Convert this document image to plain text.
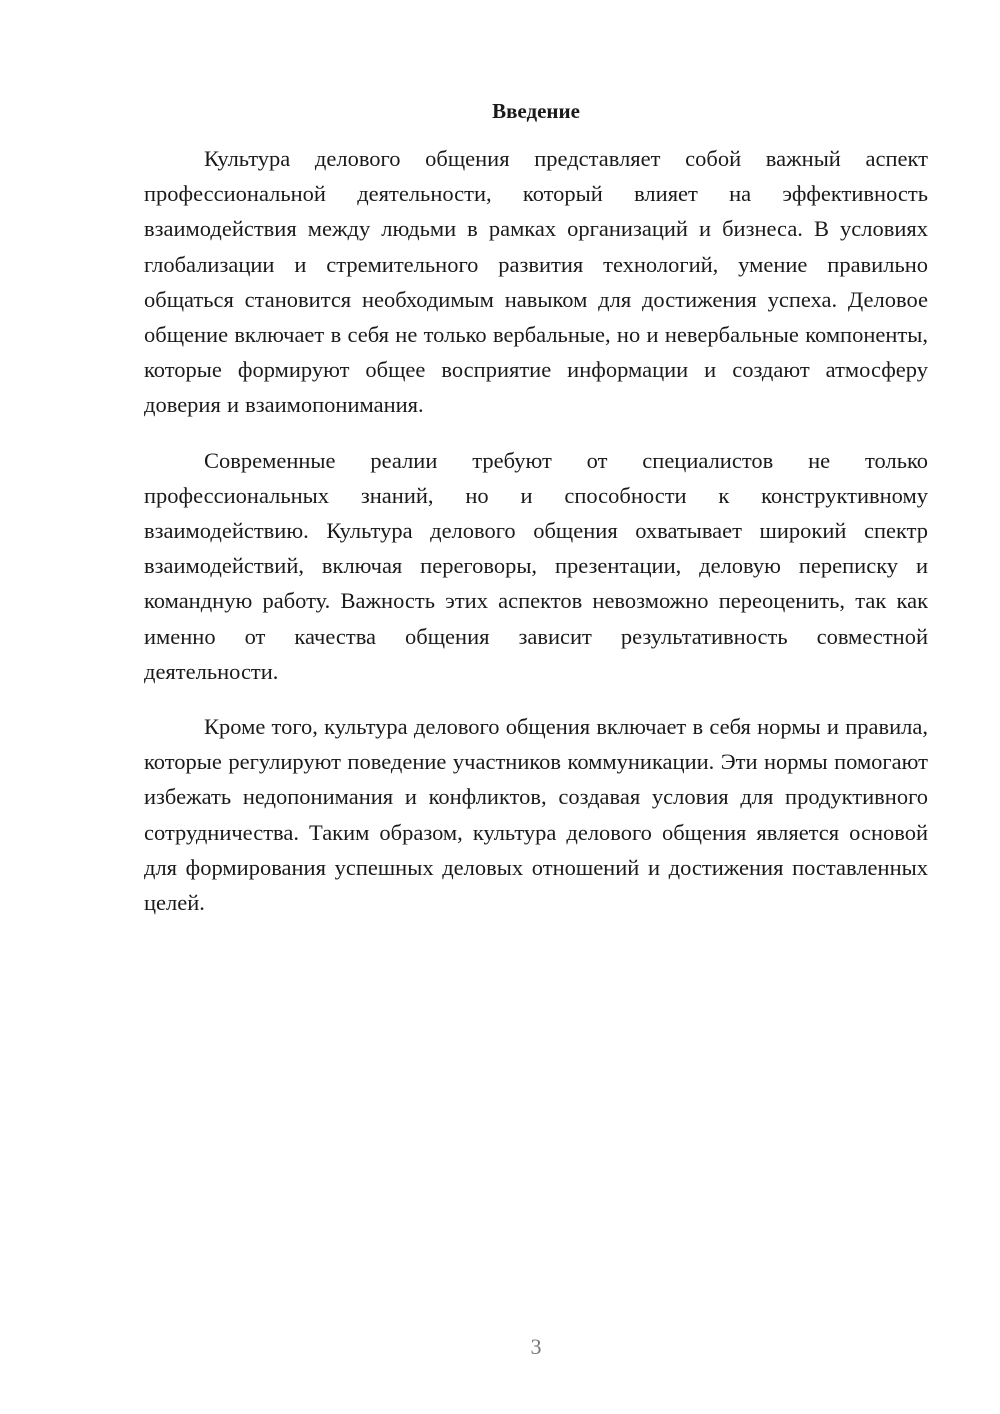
Введение

Культура делового общения представляет собой важный аспект профессиональной деятельности, который влияет на эффективность взаимодействия между людьми в рамках организаций и бизнеса. В условиях глобализации и стремительного развития технологий, умение правильно общаться становится необходимым навыком для достижения успеха. Деловое общение включает в себя не только вербальные, но и невербальные компоненты, которые формируют общее восприятие информации и создают атмосферу доверия и взаимопонимания.

Современные реалии требуют от специалистов не только профессиональных знаний, но и способности к конструктивному взаимодействию. Культура делового общения охватывает широкий спектр взаимодействий, включая переговоры, презентации, деловую переписку и командную работу. Важность этих аспектов невозможно переоценить, так как именно от качества общения зависит результативность совместной деятельности.

Кроме того, культура делового общения включает в себя нормы и правила, которые регулируют поведение участников коммуникации. Эти нормы помогают избежать недопонимания и конфликтов, создавая условия для продуктивного сотрудничества. Таким образом, культура делового общения является основой для формирования успешных деловых отношений и достижения поставленных целей.

3
